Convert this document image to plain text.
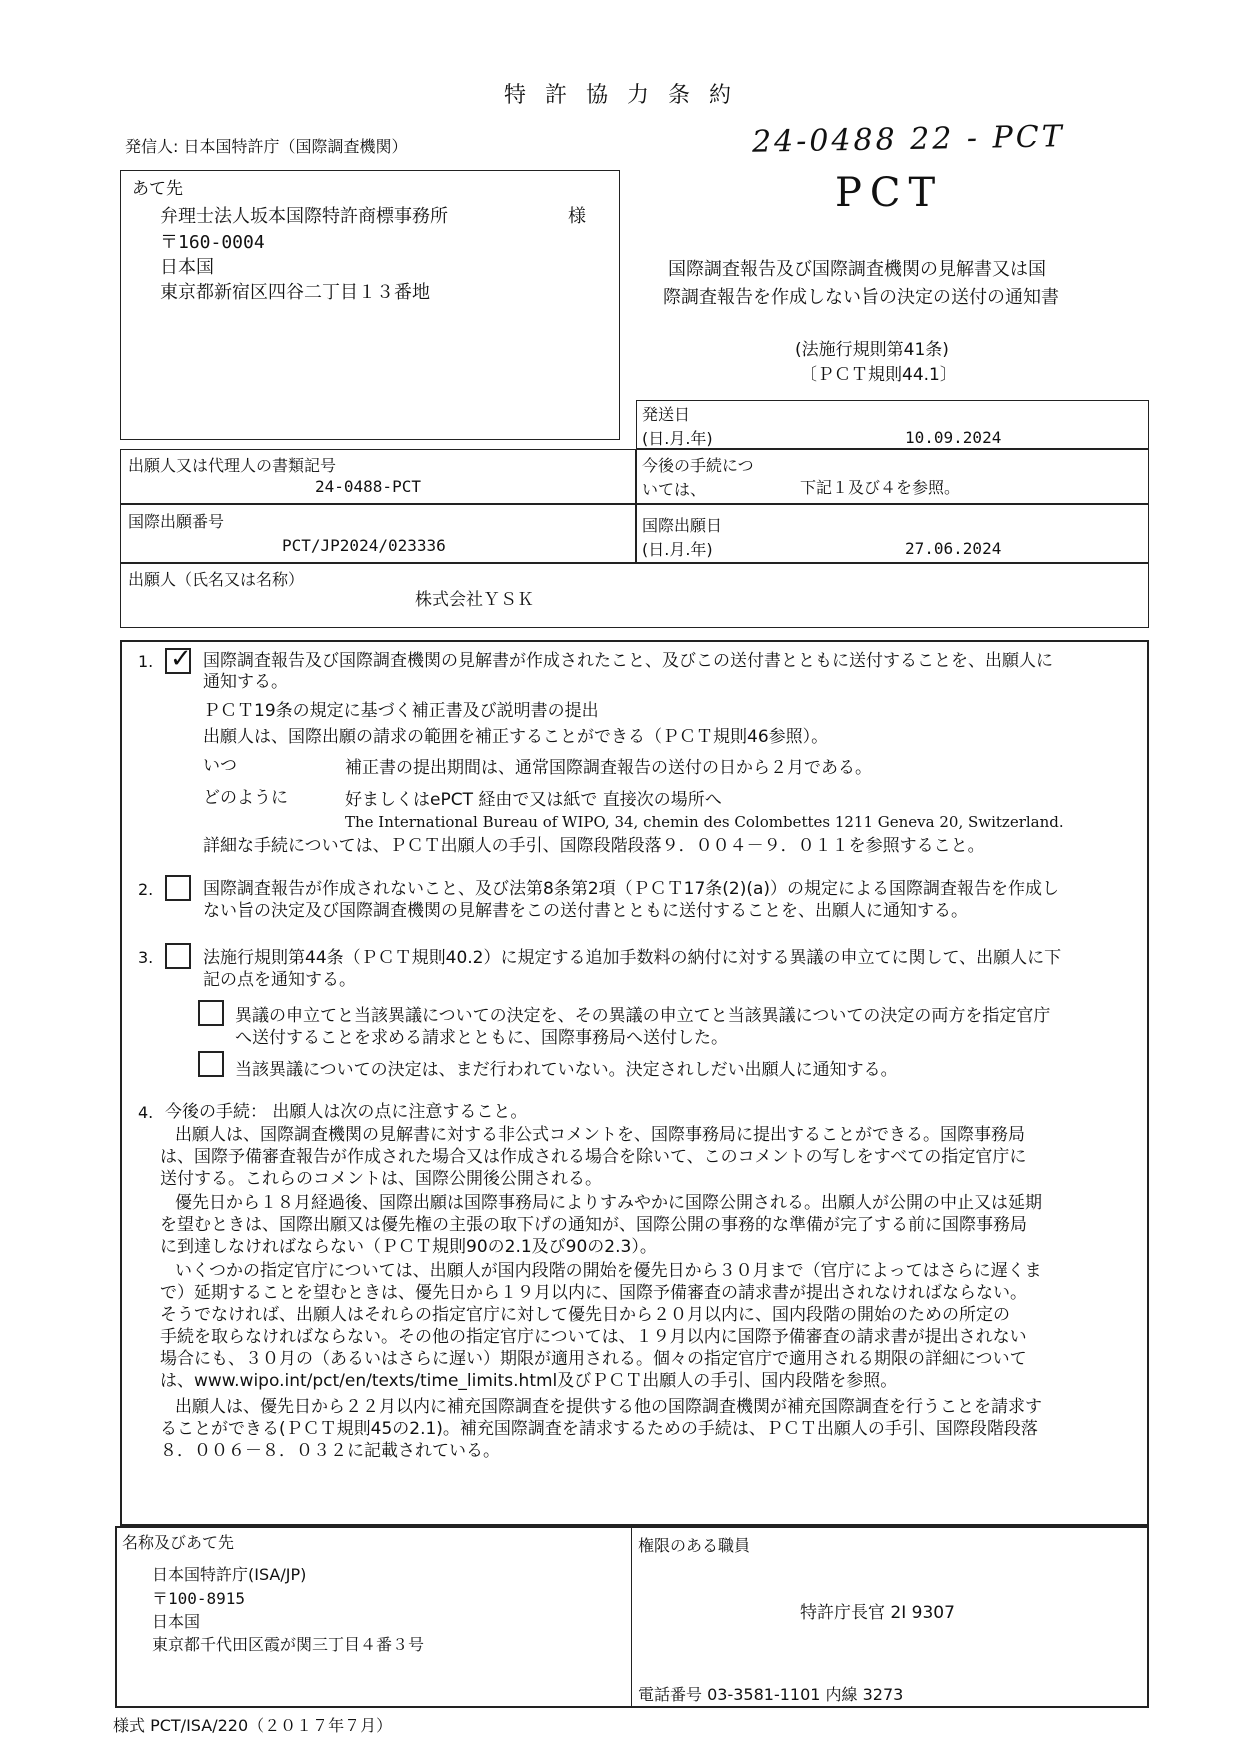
特 許 協 力 条 約
発信人: 日本国特許庁（国際調査機関）	24-0488 22 - PCT
PCT
国際調査報告及び国際調査機関の見解書又は国
際調査報告を作成しない旨の決定の送付の通知書
(法施行規則第41条)
〔ＰＣＴ規則44.1〕
あて先
弁理士法人坂本国際特許商標事務所	様
〒160-0004
日本国
東京都新宿区四谷二丁目１３番地
発送日
(日.月.年)	10.09.2024
出願人又は代理人の書類記号
24-0488-PCT
今後の手続につ
いては、	下記１及び４を参照。
国際出願番号
PCT/JP2024/023336
国際出願日
(日.月.年)	27.06.2024
出願人（氏名又は名称）
株式会社ＹＳＫ
1. ✓ 国際調査報告及び国際調査機関の見解書が作成されたこと、及びこの送付書とともに送付することを、出願人に
通知する。
ＰＣＴ19条の規定に基づく補正書及び説明書の提出
出願人は、国際出願の請求の範囲を補正することができる（ＰＣＴ規則46参照）。
いつ	補正書の提出期間は、通常国際調査報告の送付の日から２月である。
どのように	好ましくはePCT 経由で又は紙で 直接次の場所へ
The International Bureau of WIPO, 34, chemin des Colombettes 1211 Geneva 20, Switzerland.
詳細な手続については、ＰＣＴ出願人の手引、国際段階段落９．００４－９．０１１を参照すること。
2.	国際調査報告が作成されないこと、及び法第8条第2項（ＰＣＴ17条(2)(a)）の規定による国際調査報告を作成し
ない旨の決定及び国際調査機関の見解書をこの送付書とともに送付することを、出願人に通知する。
3.	法施行規則第44条（ＰＣＴ規則40.2）に規定する追加手数料の納付に対する異議の申立てに関して、出願人に下
記の点を通知する。
異議の申立てと当該異議についての決定を、その異議の申立てと当該異議についての決定の両方を指定官庁
へ送付することを求める請求とともに、国際事務局へ送付した。
当該異議についての決定は、まだ行われていない。決定されしだい出願人に通知する。
4. 今後の手続： 出願人は次の点に注意すること。
出願人は、国際調査機関の見解書に対する非公式コメントを、国際事務局に提出することができる。国際事務局
は、国際予備審査報告が作成された場合又は作成される場合を除いて、このコメントの写しをすべての指定官庁に
送付する。これらのコメントは、国際公開後公開される。
優先日から１８月経過後、国際出願は国際事務局によりすみやかに国際公開される。出願人が公開の中止又は延期
を望むときは、国際出願又は優先権の主張の取下げの通知が、国際公開の事務的な準備が完了する前に国際事務局
に到達しなければならない（ＰＣＴ規則90の2.1及び90の2.3）。
いくつかの指定官庁については、出願人が国内段階の開始を優先日から３０月まで（官庁によってはさらに遅くま
で）延期することを望むときは、優先日から１９月以内に、国際予備審査の請求書が提出されなければならない。
そうでなければ、出願人はそれらの指定官庁に対して優先日から２０月以内に、国内段階の開始のための所定の
手続を取らなければならない。その他の指定官庁については、１９月以内に国際予備審査の請求書が提出されない
場合にも、３０月の（あるいはさらに遅い）期限が適用される。個々の指定官庁で適用される期限の詳細について
は、www.wipo.int/pct/en/texts/time_limits.html及びＰＣＴ出願人の手引、国内段階を参照。
出願人は、優先日から２２月以内に補充国際調査を提供する他の国際調査機関が補充国際調査を行うことを請求す
ることができる(ＰＣＴ規則45の2.1)。補充国際調査を請求するための手続は、ＰＣＴ出願人の手引、国際段階段落
８．００６－８．０３２に記載されている。
名称及びあて先
日本国特許庁(ISA/JP)
〒100-8915
日本国
東京都千代田区霞が関三丁目４番３号
権限のある職員
特許庁長官 2I 9307
電話番号 03-3581-1101 内線 3273
様式 PCT/ISA/220（２０１７年７月）
